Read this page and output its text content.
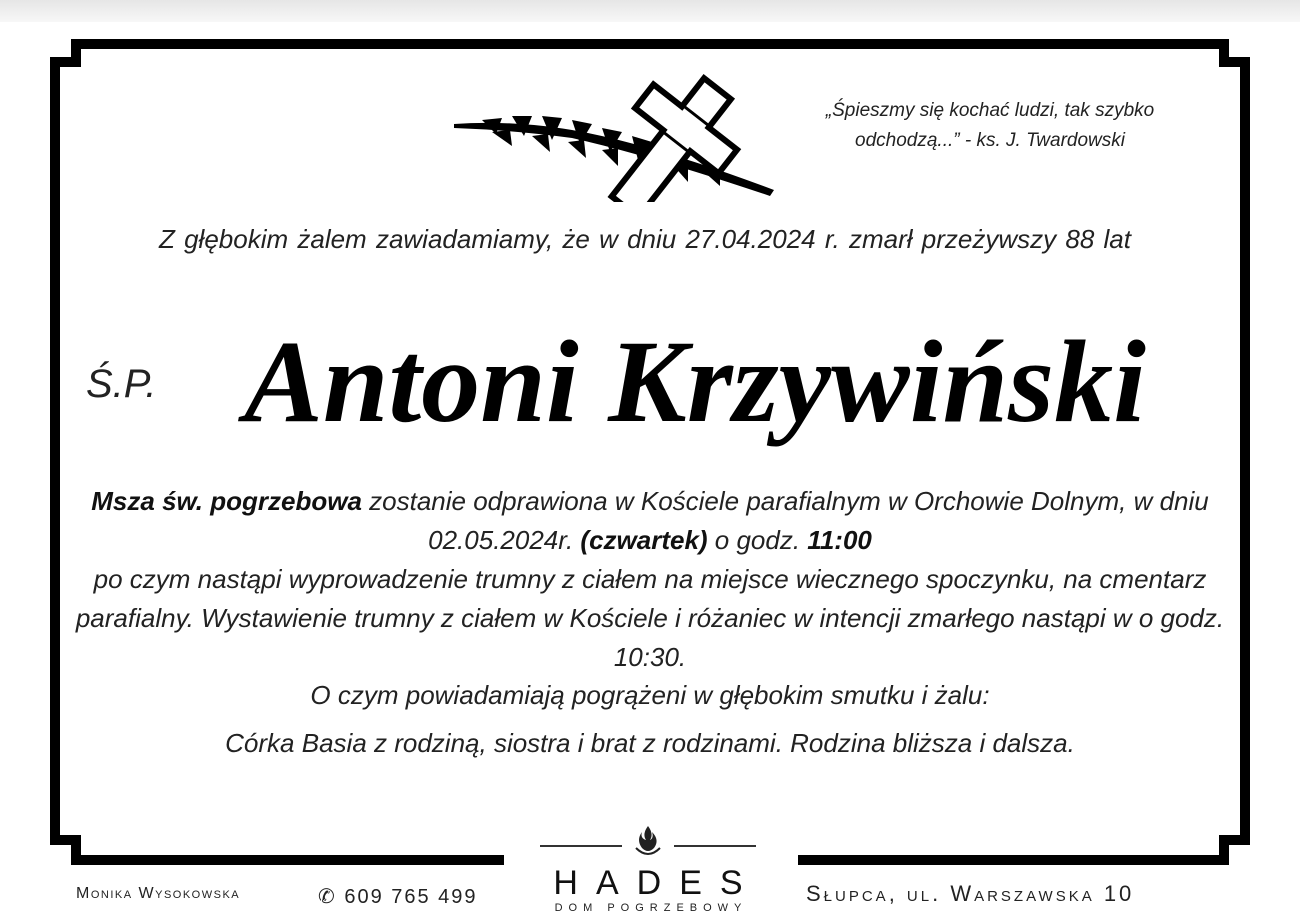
„Śpieszmy się kochać ludzi, tak szybko
odchodzą...” - ks. J. Twardowski
Z głębokim żalem zawiadamiamy, że w dniu 27.04.2024 r. zmarł przeżywszy 88 lat
Ś.P. Antoni Krzywiński
Msza św. pogrzebowa zostanie odprawiona w Kościele parafialnym w Orchowie Dolnym, w dniu 02.05.2024r. (czwartek) o godz. 11:00
po czym nastąpi wyprowadzenie trumny z ciałem na miejsce wiecznego spoczynku, na cmentarz parafialny. Wystawienie trumny z ciałem w Kościele i różaniec w intencji zmarłego nastąpi w o godz. 10:30.
O czym powiadamiają pogrążeni w głębokim smutku i żalu:
Córka Basia z rodziną, siostra i brat z rodzinami. Rodzina bliższa i dalsza.
Monika Wysokowska	✆ 609 765 499	HADES
DOM POGRZEBOWY
Słupca, ul. Warszawska 10
